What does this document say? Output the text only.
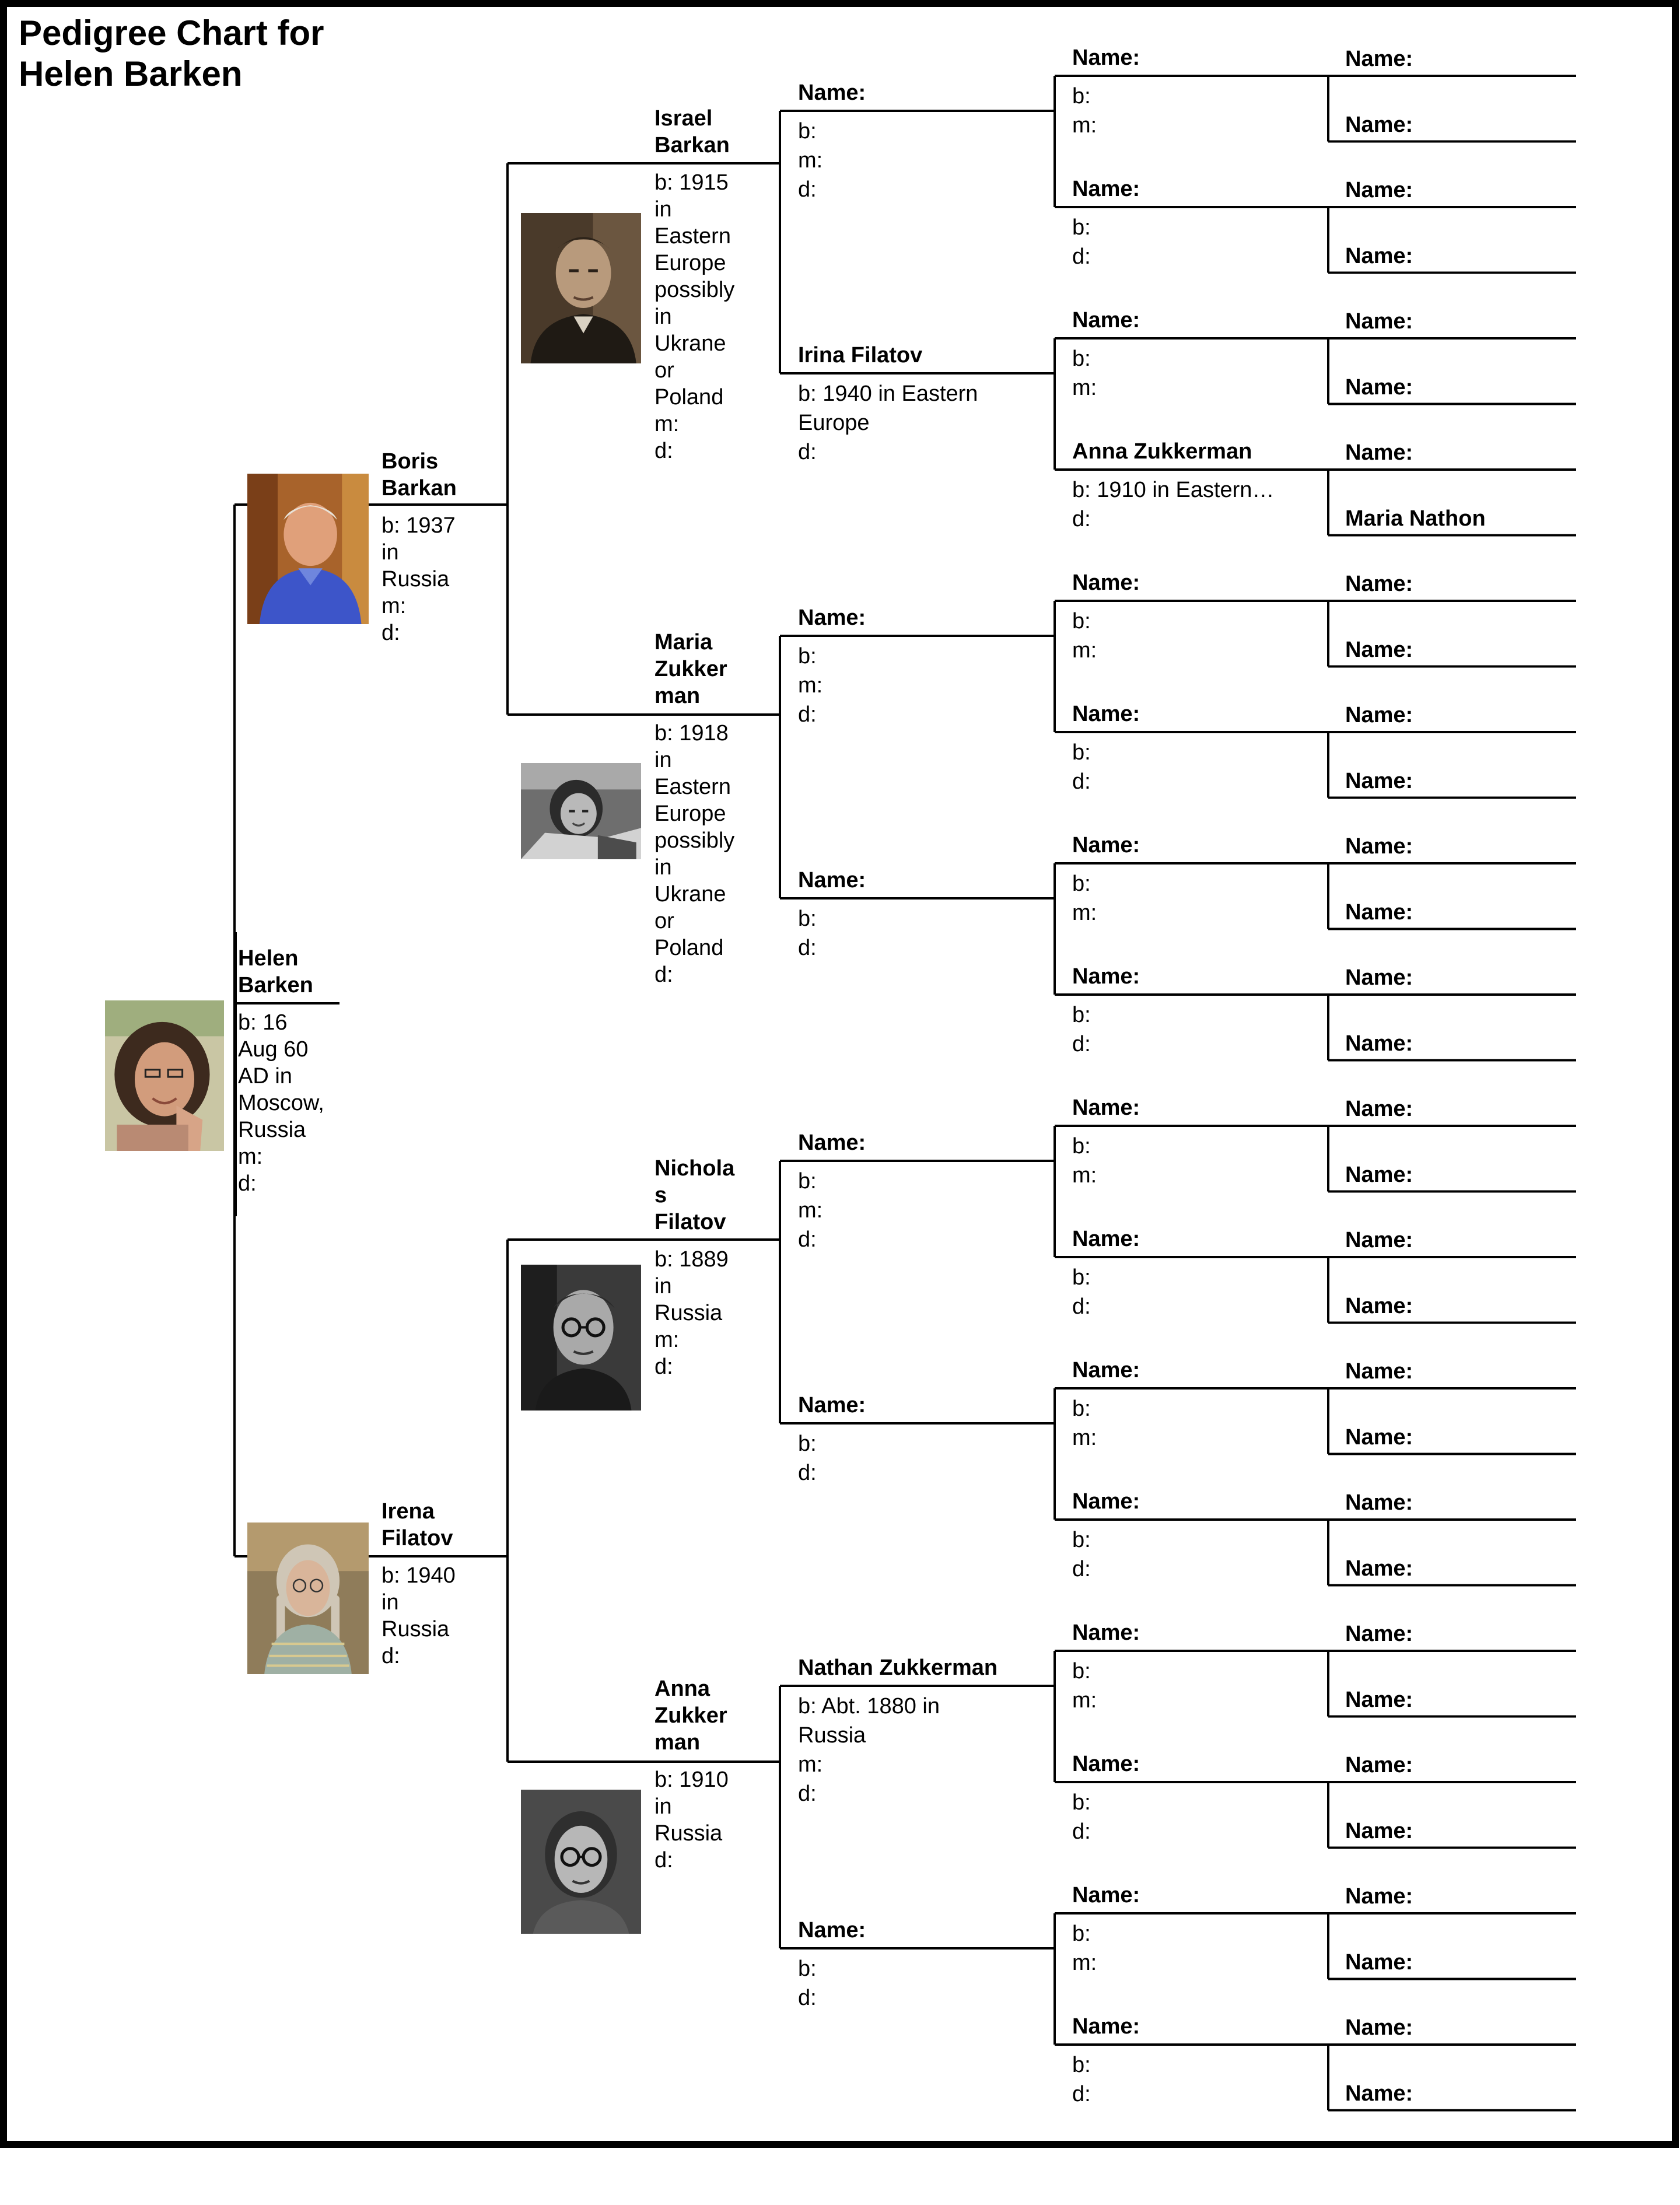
Pedigree Chart for
Helen Barken
Helen
Barken
b: 16
Aug 60
AD in
Moscow,
Russia
m:
d:
Boris
Barkan
b: 1937
in
Russia
m:
d:
Irena
Filatov
b: 1940
in
Russia
d:
Israel
Barkan
b: 1915
in
Eastern
Europe
possibly
in
Ukrane
or
Poland
m:
d:
Maria
Zukker
man
b: 1918
in
Eastern
Europe
possibly
in
Ukrane
or
Poland
d:
Nichola
s
Filatov
b: 1889
in
Russia
m:
d:
Anna
Zukker
man
b: 1910
in
Russia
d:
Name:
b:
m:
d:
Irina Filatov
b: 1940 in Eastern
Europe
d:
Name:
b:
m:
d:
Name:
b:
d:
Name:
b:
m:
d:
Name:
b:
d:
Nathan Zukkerman
b: Abt. 1880 in
Russia
m:
d:
Name:
b:
d:
Name:
b:
m:
Name:
b:
d:
Name:
b:
m:
Anna Zukkerman
b: 1910 in Eastern…
d:
Name:
b:
m:
Name:
b:
d:
Name:
b:
m:
Name:
b:
d:
Name:
b:
m:
Name:
b:
d:
Name:
b:
m:
Name:
b:
d:
Name:
b:
m:
Name:
b:
d:
Name:
b:
m:
Name:
b:
d:
Name:
Name:
Name:
Name:
Name:
Name:
Name:
Maria Nathon
Name:
Name:
Name:
Name:
Name:
Name:
Name:
Name:
Name:
Name:
Name:
Name:
Name:
Name:
Name:
Name:
Name:
Name:
Name:
Name:
Name:
Name:
Name:
Name:
